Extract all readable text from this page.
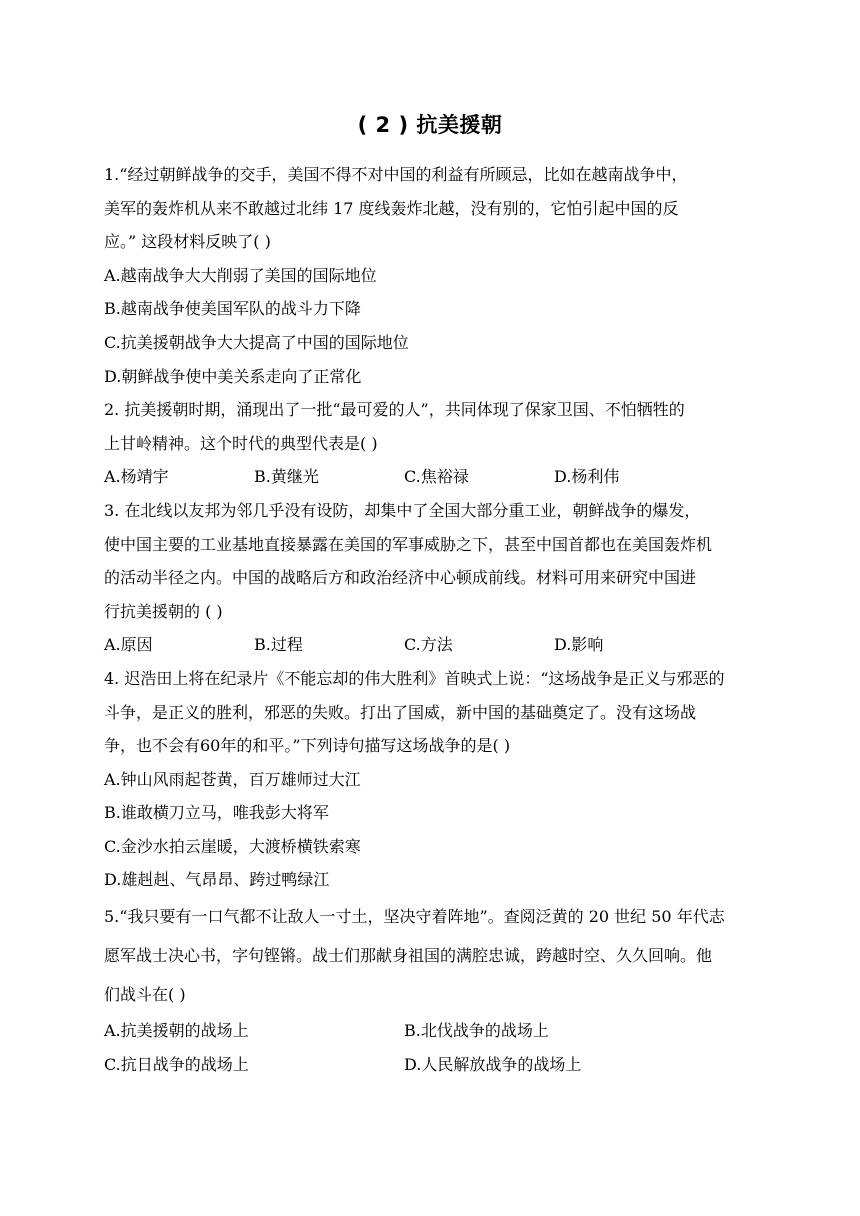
( 2 ) 抗美援朝
1.“经过朝鲜战争的交手，美国不得不对中国的利益有所顾忌，比如在越南战争中，
美军的轰炸机从来不敢越过北纬 17 度线轰炸北越，没有别的，它怕引起中国的反
应。” 这段材料反映了( )
A.越南战争大大削弱了美国的国际地位
B.越南战争使美国军队的战斗力下降
C.抗美援朝战争大大提高了中国的国际地位
D.朝鲜战争使中美关系走向了正常化
2. 抗美援朝时期，涌现出了一批“最可爱的人”，共同体现了保家卫国、不怕牺牲的
上甘岭精神。这个时代的典型代表是( )
A.杨靖宇	B.黄继光	C.焦裕禄	D.杨利伟
3. 在北线以友邦为邻几乎没有设防，却集中了全国大部分重工业，朝鲜战争的爆发，
使中国主要的工业基地直接暴露在美国的军事威胁之下，甚至中国首都也在美国轰炸机
的活动半径之内。中国的战略后方和政治经济中心顿成前线。材料可用来研究中国进
行抗美援朝的 ( )
A.原因	B.过程	C.方法	D.影响
4. 迟浩田上将在纪录片《不能忘却的伟大胜利》首映式上说：“这场战争是正义与邪恶的
斗争，是正义的胜利，邪恶的失败。打出了国威，新中国的基础奠定了。没有这场战
争，也不会有60年的和平。”下列诗句描写这场战争的是( )
A.钟山风雨起苍黄，百万雄师过大江
B.谁敢横刀立马，唯我彭大将军
C.金沙水拍云崖暖，大渡桥横铁索寒
D.雄赳赳、气昂昂、跨过鸭绿江
5.“我只要有一口气都不让敌人一寸土，坚决守着阵地”。查阅泛黄的 20 世纪 50 年代志
愿军战士决心书，字句铿锵。战士们那献身祖国的满腔忠诚，跨越时空、久久回响。他
们战斗在( )
A.抗美援朝的战场上	B.北伐战争的战场上
C.抗日战争的战场上	D.人民解放战争的战场上
